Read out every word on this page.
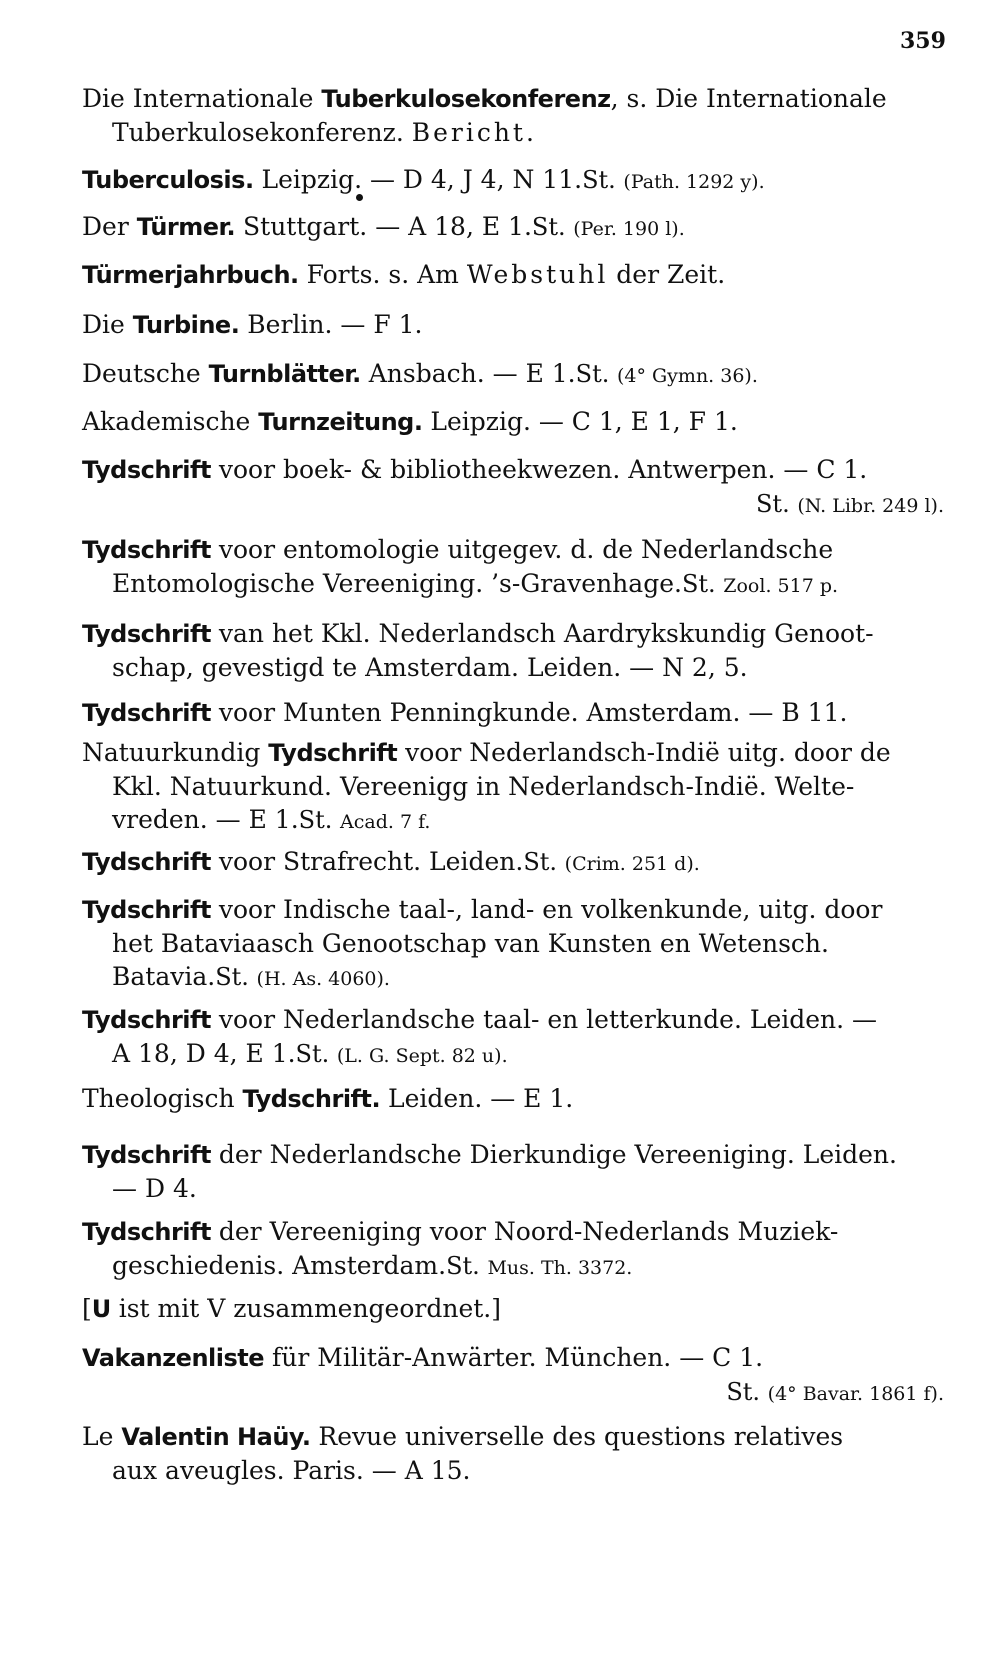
359
Die Internationale Tuberkulosekonferenz, s. Die Internationale
Tuberkulosekonferenz. Bericht.
Tuberculosis. Leipzig. — D 4, J 4, N 11.St. (Path. 1292 y).
Der Türmer. Stuttgart. — A 18, E 1.St. (Per. 190 l).
Türmerjahrbuch. Forts. s. Am Webstuhl der Zeit.
Die Turbine. Berlin. — F 1.
Deutsche Turnblätter. Ansbach. — E 1.St. (4° Gymn. 36).
Akademische Turnzeitung. Leipzig. — C 1, E 1, F 1.
Tydschrift voor boek- & bibliotheekwezen. Antwerpen. — C 1.
St. (N. Libr. 249 l).
Tydschrift voor entomologie uitgegev. d. de Nederlandsche
Entomologische Vereeniging. ’s-Gravenhage.St. Zool. 517 p.
Tydschrift van het Kkl. Nederlandsch Aardrykskundig Genoot-
schap, gevestigd te Amsterdam. Leiden. — N 2, 5.
Tydschrift voor Munten Penningkunde. Amsterdam. — B 11.
Natuurkundig Tydschrift voor Nederlandsch-Indië uitg. door de
Kkl. Natuurkund. Vereenigg in Nederlandsch-Indië. Welte-
vreden. — E 1.St. Acad. 7 f.
Tydschrift voor Strafrecht. Leiden.St. (Crim. 251 d).
Tydschrift voor Indische taal-, land- en volkenkunde, uitg. door
het Bataviaasch Genootschap van Kunsten en Wetensch.
Batavia.St. (H. As. 4060).
Tydschrift voor Nederlandsche taal- en letterkunde. Leiden. —
A 18, D 4, E 1.St. (L. G. Sept. 82 u).
Theologisch Tydschrift. Leiden. — E 1.
Tydschrift der Nederlandsche Dierkundige Vereeniging. Leiden.
— D 4.
Tydschrift der Vereeniging voor Noord-Nederlands Muziek-
geschiedenis. Amsterdam.St. Mus. Th. 3372.
[U ist mit V zusammengeordnet.]
Vakanzenliste für Militär-Anwärter. München. — C 1.
St. (4° Bavar. 1861 f).
Le Valentin Haüy. Revue universelle des questions relatives
aux aveugles. Paris. — A 15.
